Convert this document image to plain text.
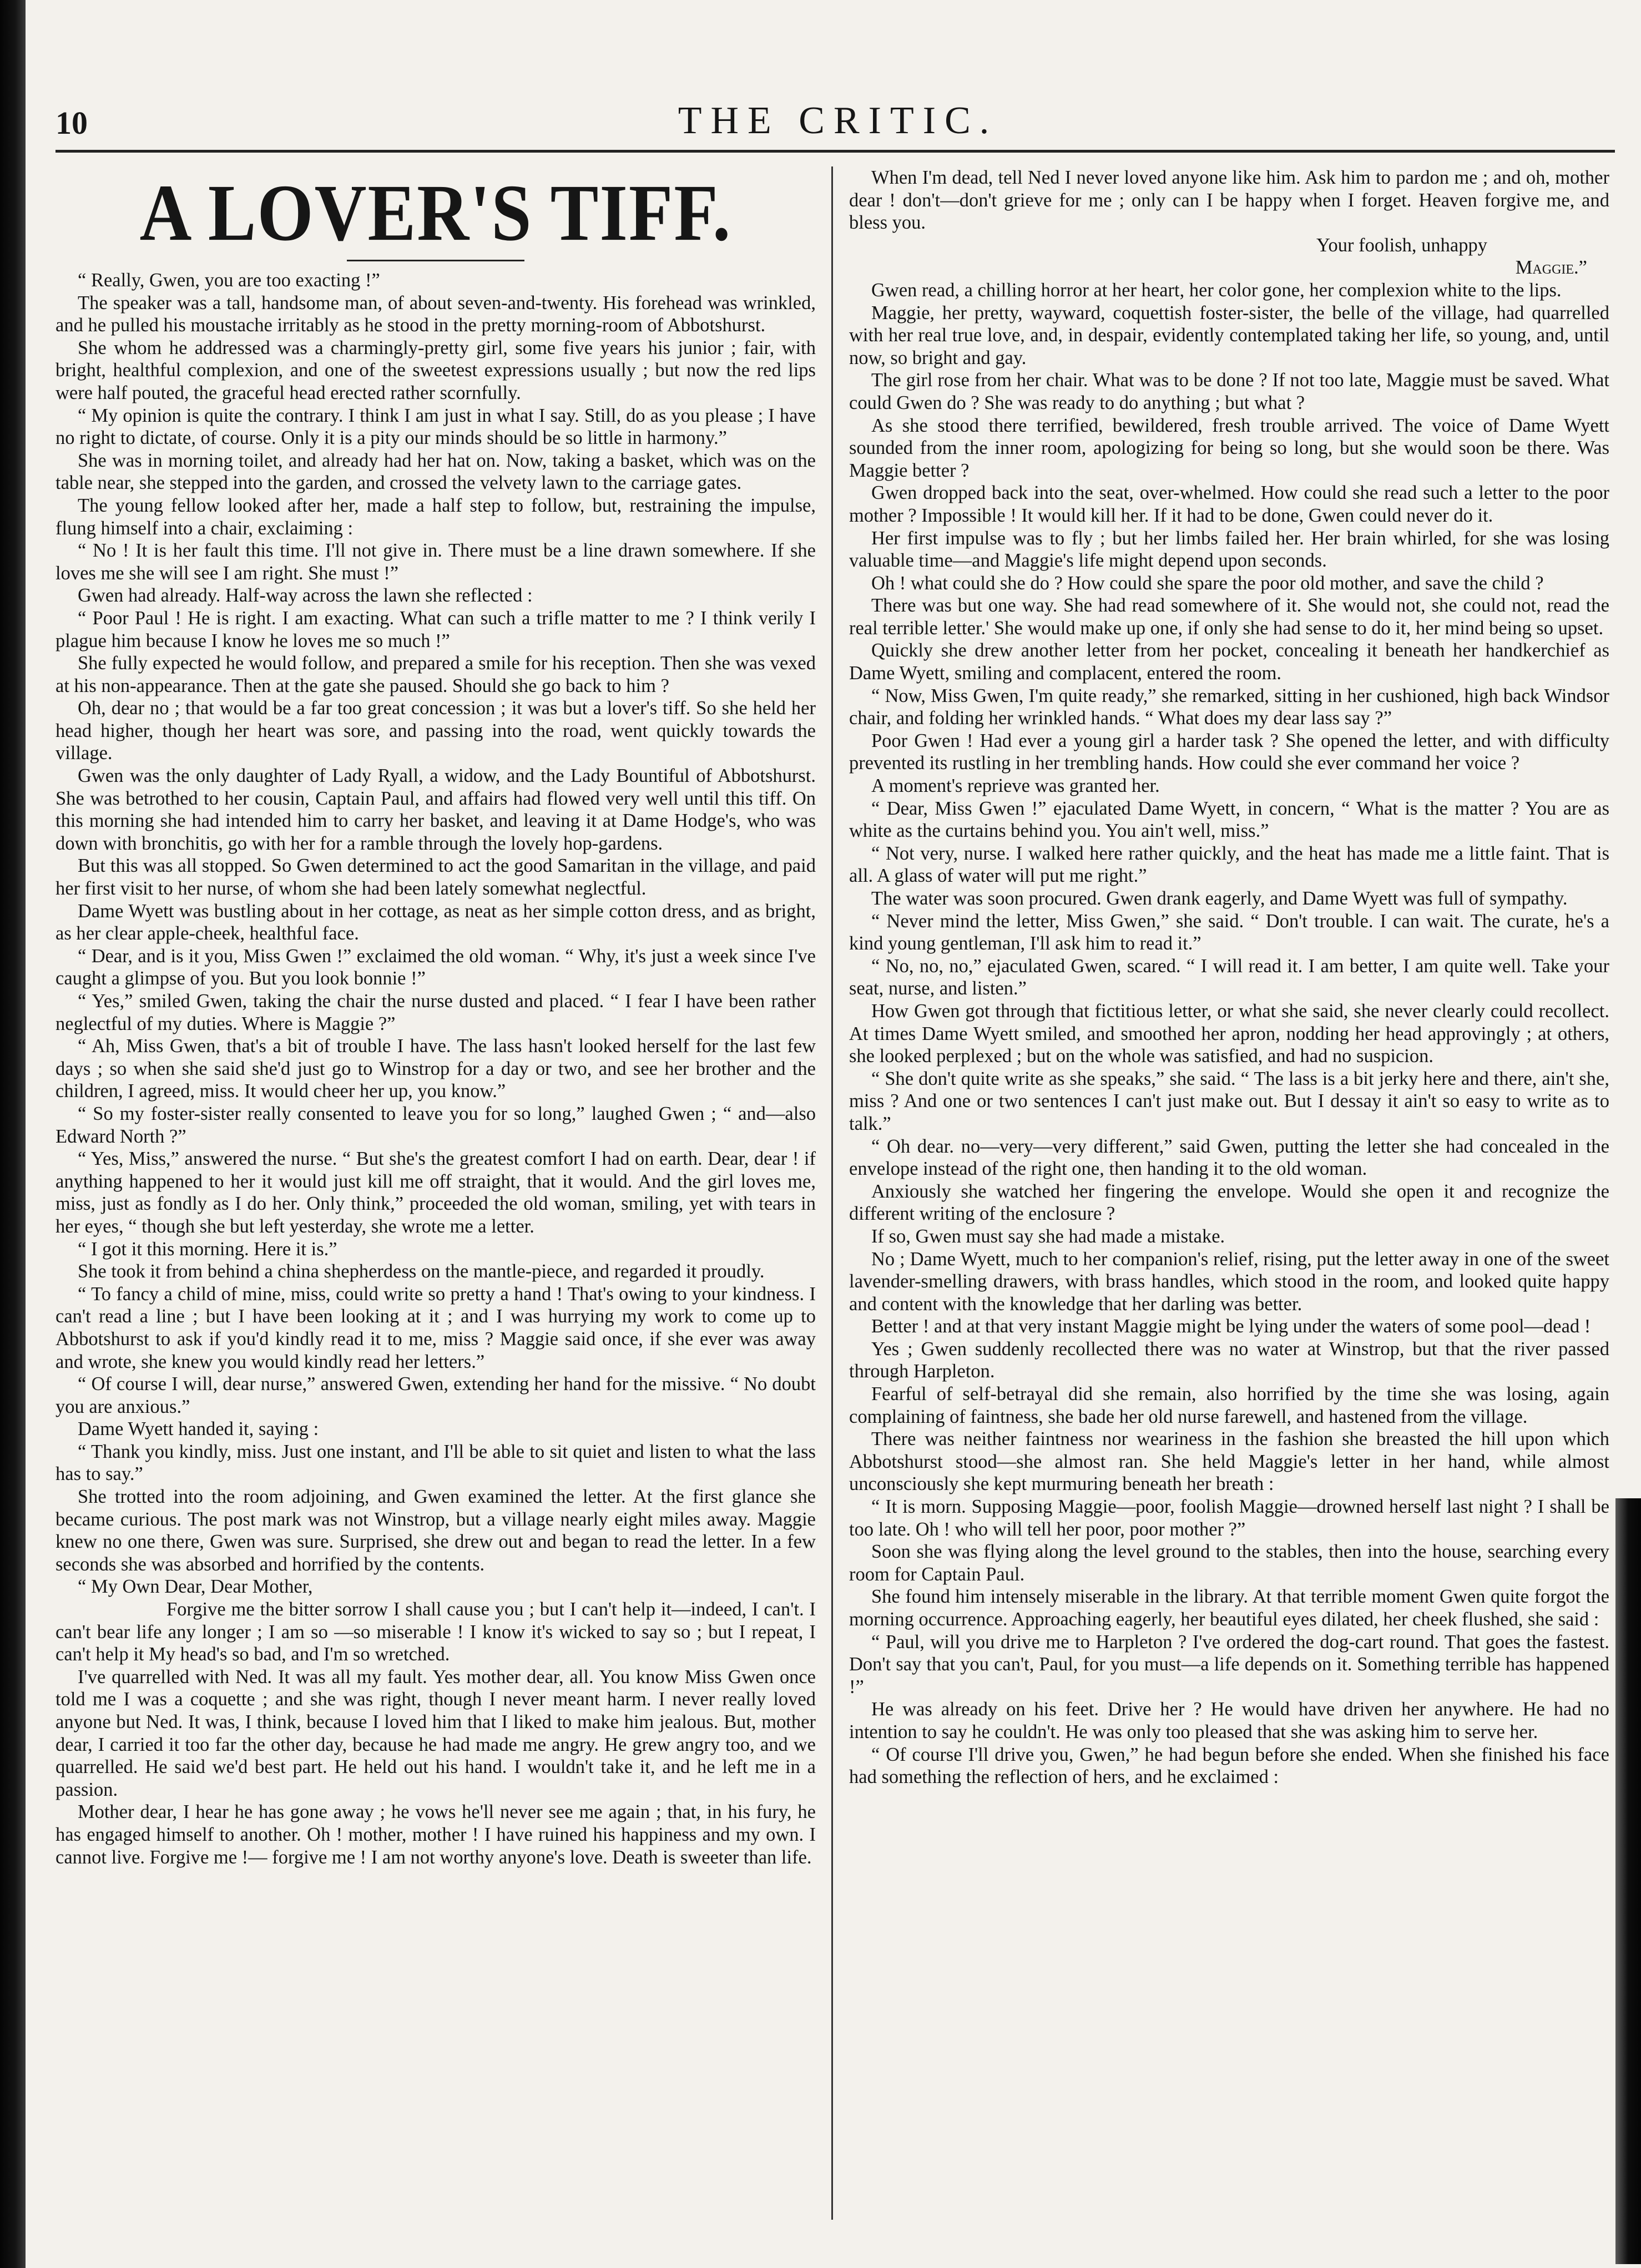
10	THE CRITIC.
A LOVER'S TIFF.

“ Really, Gwen, you are too exacting !”

The speaker was a tall, handsome man, of about seven-and-twenty. His forehead was wrinkled, and he pulled his moustache irritably as he stood in the pretty morning-room of Abbotshurst.

She whom he addressed was a charmingly-pretty girl, some five years his junior ; fair, with bright, healthful complexion, and one of the sweetest expressions usually ; but now the red lips were half pouted, the graceful head erected rather scornfully.

“ My opinion is quite the contrary. I think I am just in what I say. Still, do as you please ; I have no right to dictate, of course. Only it is a pity our minds should be so little in harmony.”

She was in morning toilet, and already had her hat on. Now, taking a basket, which was on the table near, she stepped into the garden, and crossed the velvety lawn to the carriage gates.

The young fellow looked after her, made a half step to follow, but, restraining the impulse, flung himself into a chair, exclaiming :

“ No ! It is her fault this time. I'll not give in. There must be a line drawn somewhere. If she loves me she will see I am right. She must !”

Gwen had already. Half-way across the lawn she reflected :

“ Poor Paul ! He is right. I am exacting. What can such a trifle matter to me ? I think verily I plague him because I know he loves me so much !”

She fully expected he would follow, and prepared a smile for his reception. Then she was vexed at his non-appearance. Then at the gate she paused. Should she go back to him ?

Oh, dear no ; that would be a far too great concession ; it was but a lover's tiff. So she held her head higher, though her heart was sore, and passing into the road, went quickly towards the village.

Gwen was the only daughter of Lady Ryall, a widow, and the Lady Bountiful of Abbotshurst. She was betrothed to her cousin, Captain Paul, and affairs had flowed very well until this tiff. On this morning she had intended him to carry her basket, and leaving it at Dame Hodge's, who was down with bronchitis, go with her for a ramble through the lovely hop-gardens.

But this was all stopped. So Gwen determined to act the good Samaritan in the village, and paid her first visit to her nurse, of whom she had been lately somewhat neglectful.

Dame Wyett was bustling about in her cottage, as neat as her simple cotton dress, and as bright, as her clear apple-cheek, healthful face.

“ Dear, and is it you, Miss Gwen !” exclaimed the old woman. “ Why, it's just a week since I've caught a glimpse of you. But you look bonnie !”

“ Yes,” smiled Gwen, taking the chair the nurse dusted and placed. “ I fear I have been rather neglectful of my duties. Where is Maggie ?”

“ Ah, Miss Gwen, that's a bit of trouble I have. The lass hasn't looked herself for the last few days ; so when she said she'd just go to Winstrop for a day or two, and see her brother and the children, I agreed, miss. It would cheer her up, you know.”

“ So my foster-sister really consented to leave you for so long,” laughed Gwen ; “ and—also Edward North ?”

“ Yes, Miss,” answered the nurse. “ But she's the greatest comfort I had on earth. Dear, dear ! if anything happened to her it would just kill me off straight, that it would. And the girl loves me, miss, just as fondly as I do her. Only think,” proceeded the old woman, smiling, yet with tears in her eyes, “ though she but left yesterday, she wrote me a letter.

“ I got it this morning. Here it is.”

She took it from behind a china shepherdess on the mantle-piece, and regarded it proudly.

“ To fancy a child of mine, miss, could write so pretty a hand ! That's owing to your kindness. I can't read a line ; but I have been looking at it ; and I was hurrying my work to come up to Abbotshurst to ask if you'd kindly read it to me, miss ? Maggie said once, if she ever was away and wrote, she knew you would kindly read her letters.”

“ Of course I will, dear nurse,” answered Gwen, extending her hand for the missive. “ No doubt you are anxious.”

Dame Wyett handed it, saying :

“ Thank you kindly, miss. Just one instant, and I'll be able to sit quiet and listen to what the lass has to say.”

She trotted into the room adjoining, and Gwen examined the letter. At the first glance she became curious. The post mark was not Winstrop, but a village nearly eight miles away. Maggie knew no one there, Gwen was sure. Surprised, she drew out and began to read the letter. In a few seconds she was absorbed and horrified by the contents.

“ My Own Dear, Dear Mother,

Forgive me the bitter sorrow I shall cause you ; but I can't help it—indeed, I can't. I can't bear life any longer ; I am so —so miserable ! I know it's wicked to say so ; but I repeat, I can't help it My head's so bad, and I'm so wretched.

I've quarrelled with Ned. It was all my fault. Yes mother dear, all. You know Miss Gwen once told me I was a coquette ; and she was right, though I never meant harm. I never really loved anyone but Ned. It was, I think, because I loved him that I liked to make him jealous. But, mother dear, I carried it too far the other day, because he had made me angry. He grew angry too, and we quarrelled. He said we'd best part. He held out his hand. I wouldn't take it, and he left me in a passion.

Mother dear, I hear he has gone away ; he vows he'll never see me again ; that, in his fury, he has engaged himself to another. Oh ! mother, mother ! I have ruined his happiness and my own. I cannot live. Forgive me !— forgive me ! I am not worthy anyone's love. Death is sweeter than life.

When I'm dead, tell Ned I never loved anyone like him. Ask him to pardon me ; and oh, mother dear ! don't—don't grieve for me ; only can I be happy when I forget. Heaven forgive me, and bless you.

Your foolish, unhappy

Maggie.”

Gwen read, a chilling horror at her heart, her color gone, her complexion white to the lips.

Maggie, her pretty, wayward, coquettish foster-sister, the belle of the village, had quarrelled with her real true love, and, in despair, evidently contemplated taking her life, so young, and, until now, so bright and gay.

The girl rose from her chair. What was to be done ? If not too late, Maggie must be saved. What could Gwen do ? She was ready to do anything ; but what ?

As she stood there terrified, bewildered, fresh trouble arrived. The voice of Dame Wyett sounded from the inner room, apologizing for being so long, but she would soon be there. Was Maggie better ?

Gwen dropped back into the seat, over-whelmed. How could she read such a letter to the poor mother ? Impossible ! It would kill her. If it had to be done, Gwen could never do it.

Her first impulse was to fly ; but her limbs failed her. Her brain whirled, for she was losing valuable time—and Maggie's life might depend upon seconds.

Oh ! what could she do ? How could she spare the poor old mother, and save the child ?

There was but one way. She had read somewhere of it. She would not, she could not, read the real terrible letter.' She would make up one, if only she had sense to do it, her mind being so upset.

Quickly she drew another letter from her pocket, concealing it beneath her handkerchief as Dame Wyett, smiling and complacent, entered the room.

“ Now, Miss Gwen, I'm quite ready,” she remarked, sitting in her cushioned, high back Windsor chair, and folding her wrinkled hands. “ What does my dear lass say ?”

Poor Gwen ! Had ever a young girl a harder task ? She opened the letter, and with difficulty prevented its rustling in her trembling hands. How could she ever command her voice ?

A moment's reprieve was granted her.

“ Dear, Miss Gwen !” ejaculated Dame Wyett, in concern, “ What is the matter ? You are as white as the curtains behind you. You ain't well, miss.”

“ Not very, nurse. I walked here rather quickly, and the heat has made me a little faint. That is all. A glass of water will put me right.”

The water was soon procured. Gwen drank eagerly, and Dame Wyett was full of sympathy.

“ Never mind the letter, Miss Gwen,” she said. “ Don't trouble. I can wait. The curate, he's a kind young gentleman, I'll ask him to read it.”

“ No, no, no,” ejaculated Gwen, scared. “ I will read it. I am better, I am quite well. Take your seat, nurse, and listen.”

How Gwen got through that fictitious letter, or what she said, she never clearly could recollect. At times Dame Wyett smiled, and smoothed her apron, nodding her head approvingly ; at others, she looked perplexed ; but on the whole was satisfied, and had no suspicion.

“ She don't quite write as she speaks,” she said. “ The lass is a bit jerky here and there, ain't she, miss ? And one or two sentences I can't just make out. But I dessay it ain't so easy to write as to talk.”

“ Oh dear. no—very—very different,” said Gwen, putting the letter she had concealed in the envelope instead of the right one, then handing it to the old woman.

Anxiously she watched her fingering the envelope. Would she open it and recognize the different writing of the enclosure ?

If so, Gwen must say she had made a mistake.

No ; Dame Wyett, much to her companion's relief, rising, put the letter away in one of the sweet lavender-smelling drawers, with brass handles, which stood in the room, and looked quite happy and content with the knowledge that her darling was better.

Better ! and at that very instant Maggie might be lying under the waters of some pool—dead !

Yes ; Gwen suddenly recollected there was no water at Winstrop, but that the river passed through Harpleton.

Fearful of self-betrayal did she remain, also horrified by the time she was losing, again complaining of faintness, she bade her old nurse farewell, and hastened from the village.

There was neither faintness nor weariness in the fashion she breasted the hill upon which Abbotshurst stood—she almost ran. She held Maggie's letter in her hand, while almost unconsciously she kept murmuring beneath her breath :

“ It is morn. Supposing Maggie—poor, foolish Maggie—drowned herself last night ? I shall be too late. Oh ! who will tell her poor, poor mother ?”

Soon she was flying along the level ground to the stables, then into the house, searching every room for Captain Paul.

She found him intensely miserable in the library. At that terrible moment Gwen quite forgot the morning occurrence. Approaching eagerly, her beautiful eyes dilated, her cheek flushed, she said :

“ Paul, will you drive me to Harpleton ? I've ordered the dog-cart round. That goes the fastest. Don't say that you can't, Paul, for you must—a life depends on it. Something terrible has happened !”

He was already on his feet. Drive her ? He would have driven her anywhere. He had no intention to say he couldn't. He was only too pleased that she was asking him to serve her.

“ Of course I'll drive you, Gwen,” he had begun before she ended. When she finished his face had something the reflection of hers, and he exclaimed :
